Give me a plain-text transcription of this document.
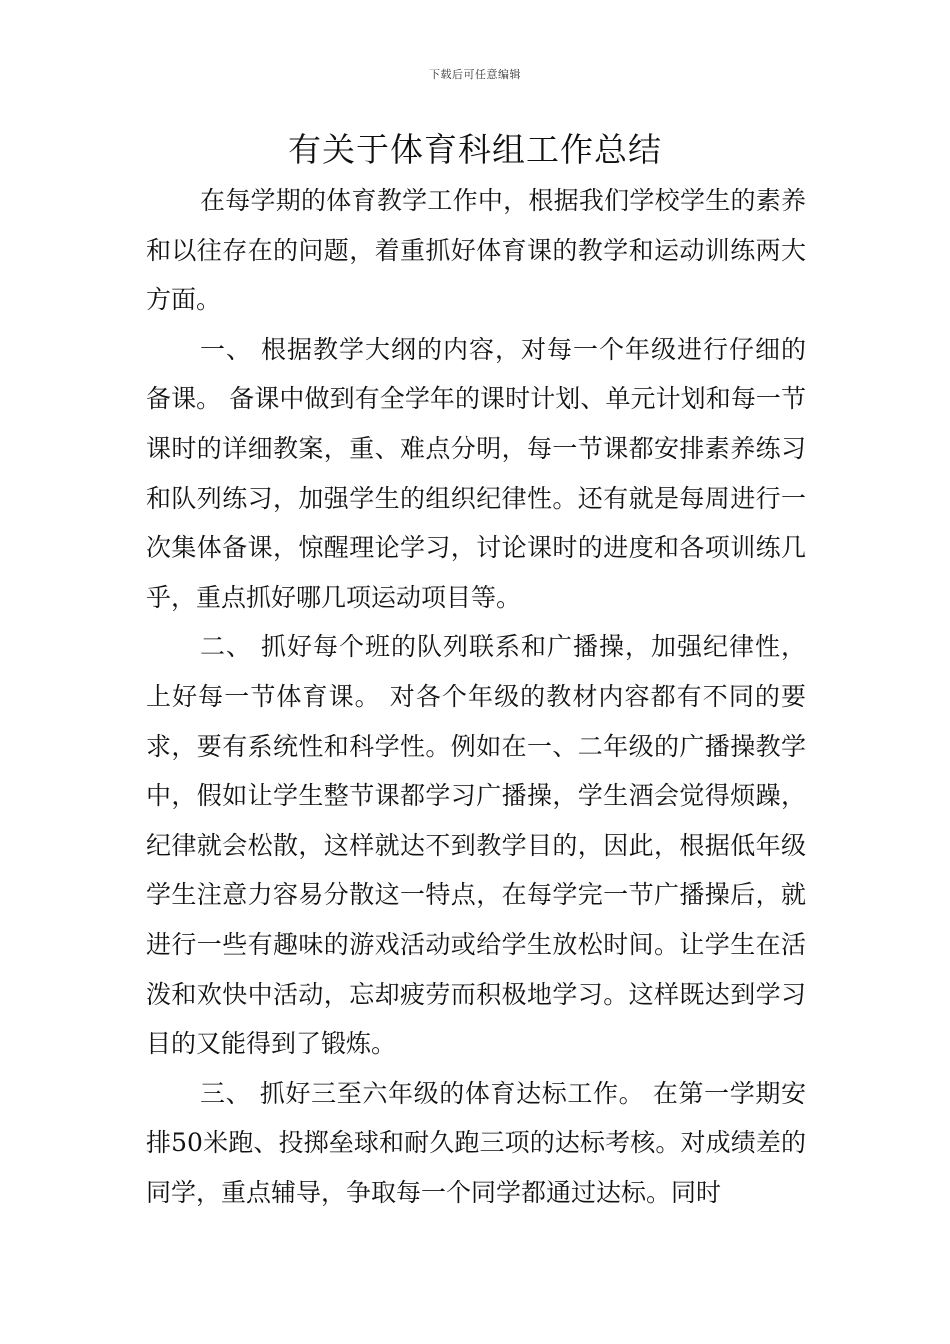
下载后可任意编辑
有关于体育科组工作总结

在每学期的体育教学工作中，根据我们学校学生的素养和以往存在的问题，着重抓好体育课的教学和运动训练两大方面。

一、 根据教学大纲的内容，对每一个年级进行仔细的备课。 备课中做到有全学年的课时计划、单元计划和每一节课时的详细教案，重、难点分明，每一节课都安排素养练习和队列练习，加强学生的组织纪律性。还有就是每周进行一次集体备课，惊醒理论学习，讨论课时的进度和各项训练几乎，重点抓好哪几项运动项目等。

二、 抓好每个班的队列联系和广播操，加强纪律性，上好每一节体育课。 对各个年级的教材内容都有不同的要求，要有系统性和科学性。例如在一、二年级的广播操教学中，假如让学生整节课都学习广播操，学生酒会觉得烦躁，纪律就会松散，这样就达不到教学目的，因此，根据低年级学生注意力容易分散这一特点，在每学完一节广播操后，就进行一些有趣味的游戏活动或给学生放松时间。让学生在活泼和欢快中活动，忘却疲劳而积极地学习。这样既达到学习目的又能得到了锻炼。

三、 抓好三至六年级的体育达标工作。 在第一学期安排50米跑、投掷垒球和耐久跑三项的达标考核。对成绩差的同学，重点辅导，争取每一个同学都通过达标。同时
